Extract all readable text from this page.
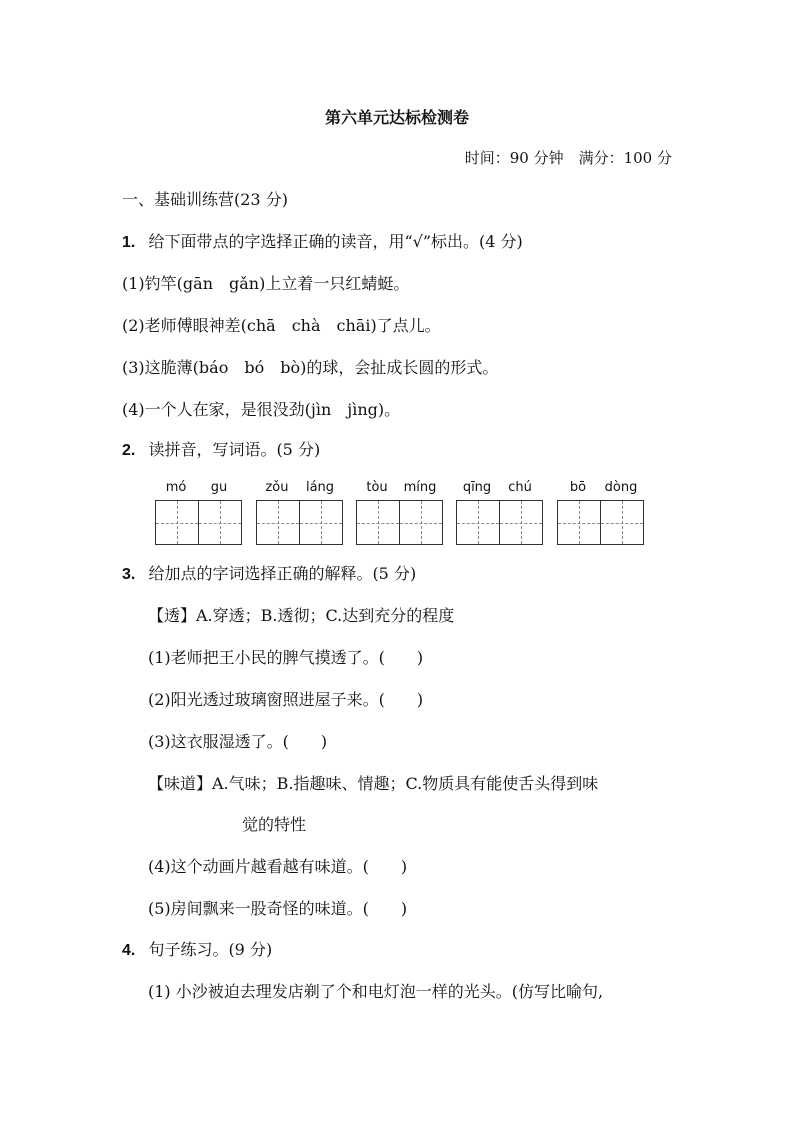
第六单元达标检测卷
时间：90 分钟　满分：100 分
一、基础训练营(23 分)
1. 给下面带点的字选择正确的读音，用“√”标出。(4 分)
(1)钓竿(gān　gǎn)上立着一只红蜻蜓。
(2)老师傅眼神差(chā　chà　chāi)了点儿。
(3)这脆薄(báo　bó　bò)的球，会扯成长圆的形式。
(4)一个人在家，是很没劲(jìn　jìng)。
2. 读拼音，写词语。(5 分)
mó gu	zǒu láng tòu míng qīng chú	bō dòng
3. 给加点的字词选择正确的解释。(5 分)
【透】A.穿透；B.透彻；C.达到充分的程度
(1)老师把王小民的脾气摸透了。(　　)
(2)阳光透过玻璃窗照进屋子来。(　　)
(3)这衣服湿透了。(　　)
【味道】A.气味；B.指趣味、情趣；C.物质具有能使舌头得到味
觉的特性
(4)这个动画片越看越有味道。(　　)
(5)房间飘来一股奇怪的味道。(　　)
4. 句子练习。(9 分)
(1) 小沙被迫去理发店剃了个和电灯泡一样的光头。(仿写比喻句,
